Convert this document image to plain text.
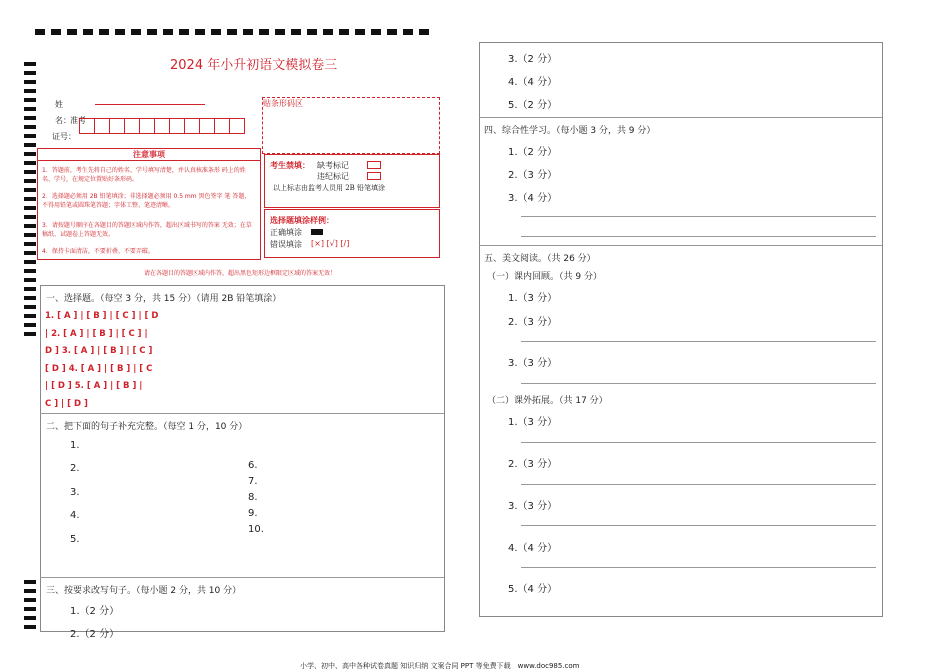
2024 年小升初语文模拟卷三
姓
名： 准考
证号：
贴条形码区
注意事项
1．答题前，考生先将自己的姓名、学号填写清楚，并认真核准条形 码上的姓名、学号，在规定位置贴好条形码。
2．选择题必须用 2B 铅笔填涂；非选择题必须用 0.5 mm 黑色签字 笔 答题，不得用铅笔或圆珠笔答题；字体工整、笔迹清晰。
3．请按题号顺序在各题目的答题区域内作答，超出区域书写的答案 无效；在草稿纸、试题卷上答题无效。
4．保持卡面清洁，不要折叠、不要弄破。
考生禁填： 缺考标记
违纪标记
以上标志由监考人员用 2B 铅笔填涂
选择题填涂样例：
正确填涂
错误填涂 [×] [√] [/]
请在各题目的答题区域内作答，超出黑色矩形边框限定区域的答案无效！
一、选择题。（每空 3 分，共 15 分）（请用 2B 铅笔填涂）
1. [ A ] | [ B ] | [ C ] | [ D
| 2. [ A ] | [ B ] | [ C ] |
D ] 3. [ A ] | [ B ] | [ C ]
[ D ] 4. [ A ] | [ B ] | [ C
| [ D ] 5. [ A ] | [ B ] |
C ] | [ D ]
二、把下面的句子补充完整。（每空 1 分，10 分）
1.
2.
3.
4.
5.
6.
7.
8.
9.
10.
三、按要求改写句子。（每小题 2 分，共 10 分）
1.（2 分）
2.（2 分）
3.（2 分）
4.（4 分）
5.（2 分）
四、综合性学习。（每小题 3 分，共 9 分）
1.（2 分）
2.（3 分）
3.（4 分）
五、美文阅读。（共 26 分）
（一）课内回顾。（共 9 分）
1.（3 分）
2.（3 分）
3.（3 分）
（二）课外拓展。（共 17 分）
1.（3 分）
2.（3 分）
3.（3 分）
4.（4 分）
5.（4 分）
小学、初中、高中各种试卷真题 知识归纳 文案合同 PPT 等免费下载　www.doc985.com
